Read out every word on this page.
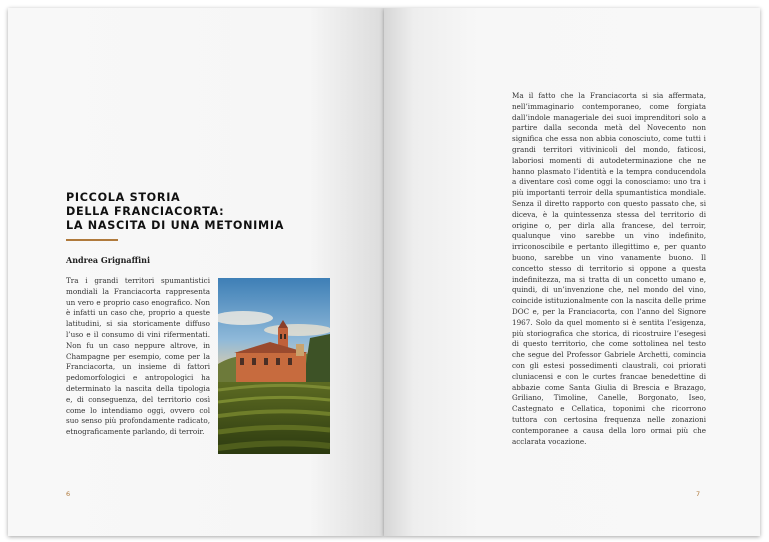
PICCOLA STORIA
DELLA FRANCIACORTA:
LA NASCITA DI UNA METONIMIA
Andrea Grignaffini

Tra i grandi territori spumantistici mondiali la Franciacorta rappresenta un vero e proprio caso enografico. Non è infatti un caso che, proprio a queste latitudini, si sia storicamente diffuso l’uso e il consumo di vini rifermentati. Non fu un caso neppure altrove, in Champagne per esempio, come per la Franciacorta, un insieme di fattori pedomorfologici e antropologici ha determinato la nascita della tipologia e, di conseguenza, del territorio così come lo intendiamo oggi, ovvero col suo senso più profondamente radicato, etnograficamente parlando, di terroir.

6

Ma il fatto che la Franciacorta si sia affermata, nell’immaginario contemporaneo, come forgiata dall’indole manageriale dei suoi imprenditori solo a partire dalla seconda metà del Novecento non significa che essa non abbia conosciuto, come tutti i grandi territori vitivinicoli del mondo, faticosi, laboriosi momenti di autodeterminazione che ne hanno plasmato l’identità e la tempra conducendola a diventare così come oggi la conosciamo: uno tra i più importanti terroir della spumantistica mondiale. Senza il diretto rapporto con questo passato che, si diceva, è la quintessenza stessa del territorio di origine o, per dirla alla francese, del terroir, qualunque vino sarebbe un vino indefinito, irriconoscibile e pertanto illegittimo e, per quanto buono, sarebbe un vino vanamente buono. Il concetto stesso di territorio si oppone a questa indefinitezza, ma si tratta di un concetto umano e, quindi, di un’invenzione che, nel mondo del vino, coincide istituzionalmente con la nascita delle prime DOC e, per la Franciacorta, con l’anno del Signore 1967. Solo da quel momento si è sentita l’esigenza, più storiografica che storica, di ricostruire l’esegesi di questo territorio, che come sottolinea nel testo che segue del Professor Gabriele Archetti, comincia con gli estesi possedimenti claustrali, coi priorati cluniacensi e con le curtes francae benedettine di abbazie come Santa Giulia di Brescia e Brazago, Griliano, Timoline, Canelle, Borgonato, Iseo, Castegnato e Cellatica, toponimi che ricorrono tuttora con certosina frequenza nelle zonazioni contemporanee a causa della loro ormai più che acclarata vocazione.

7
